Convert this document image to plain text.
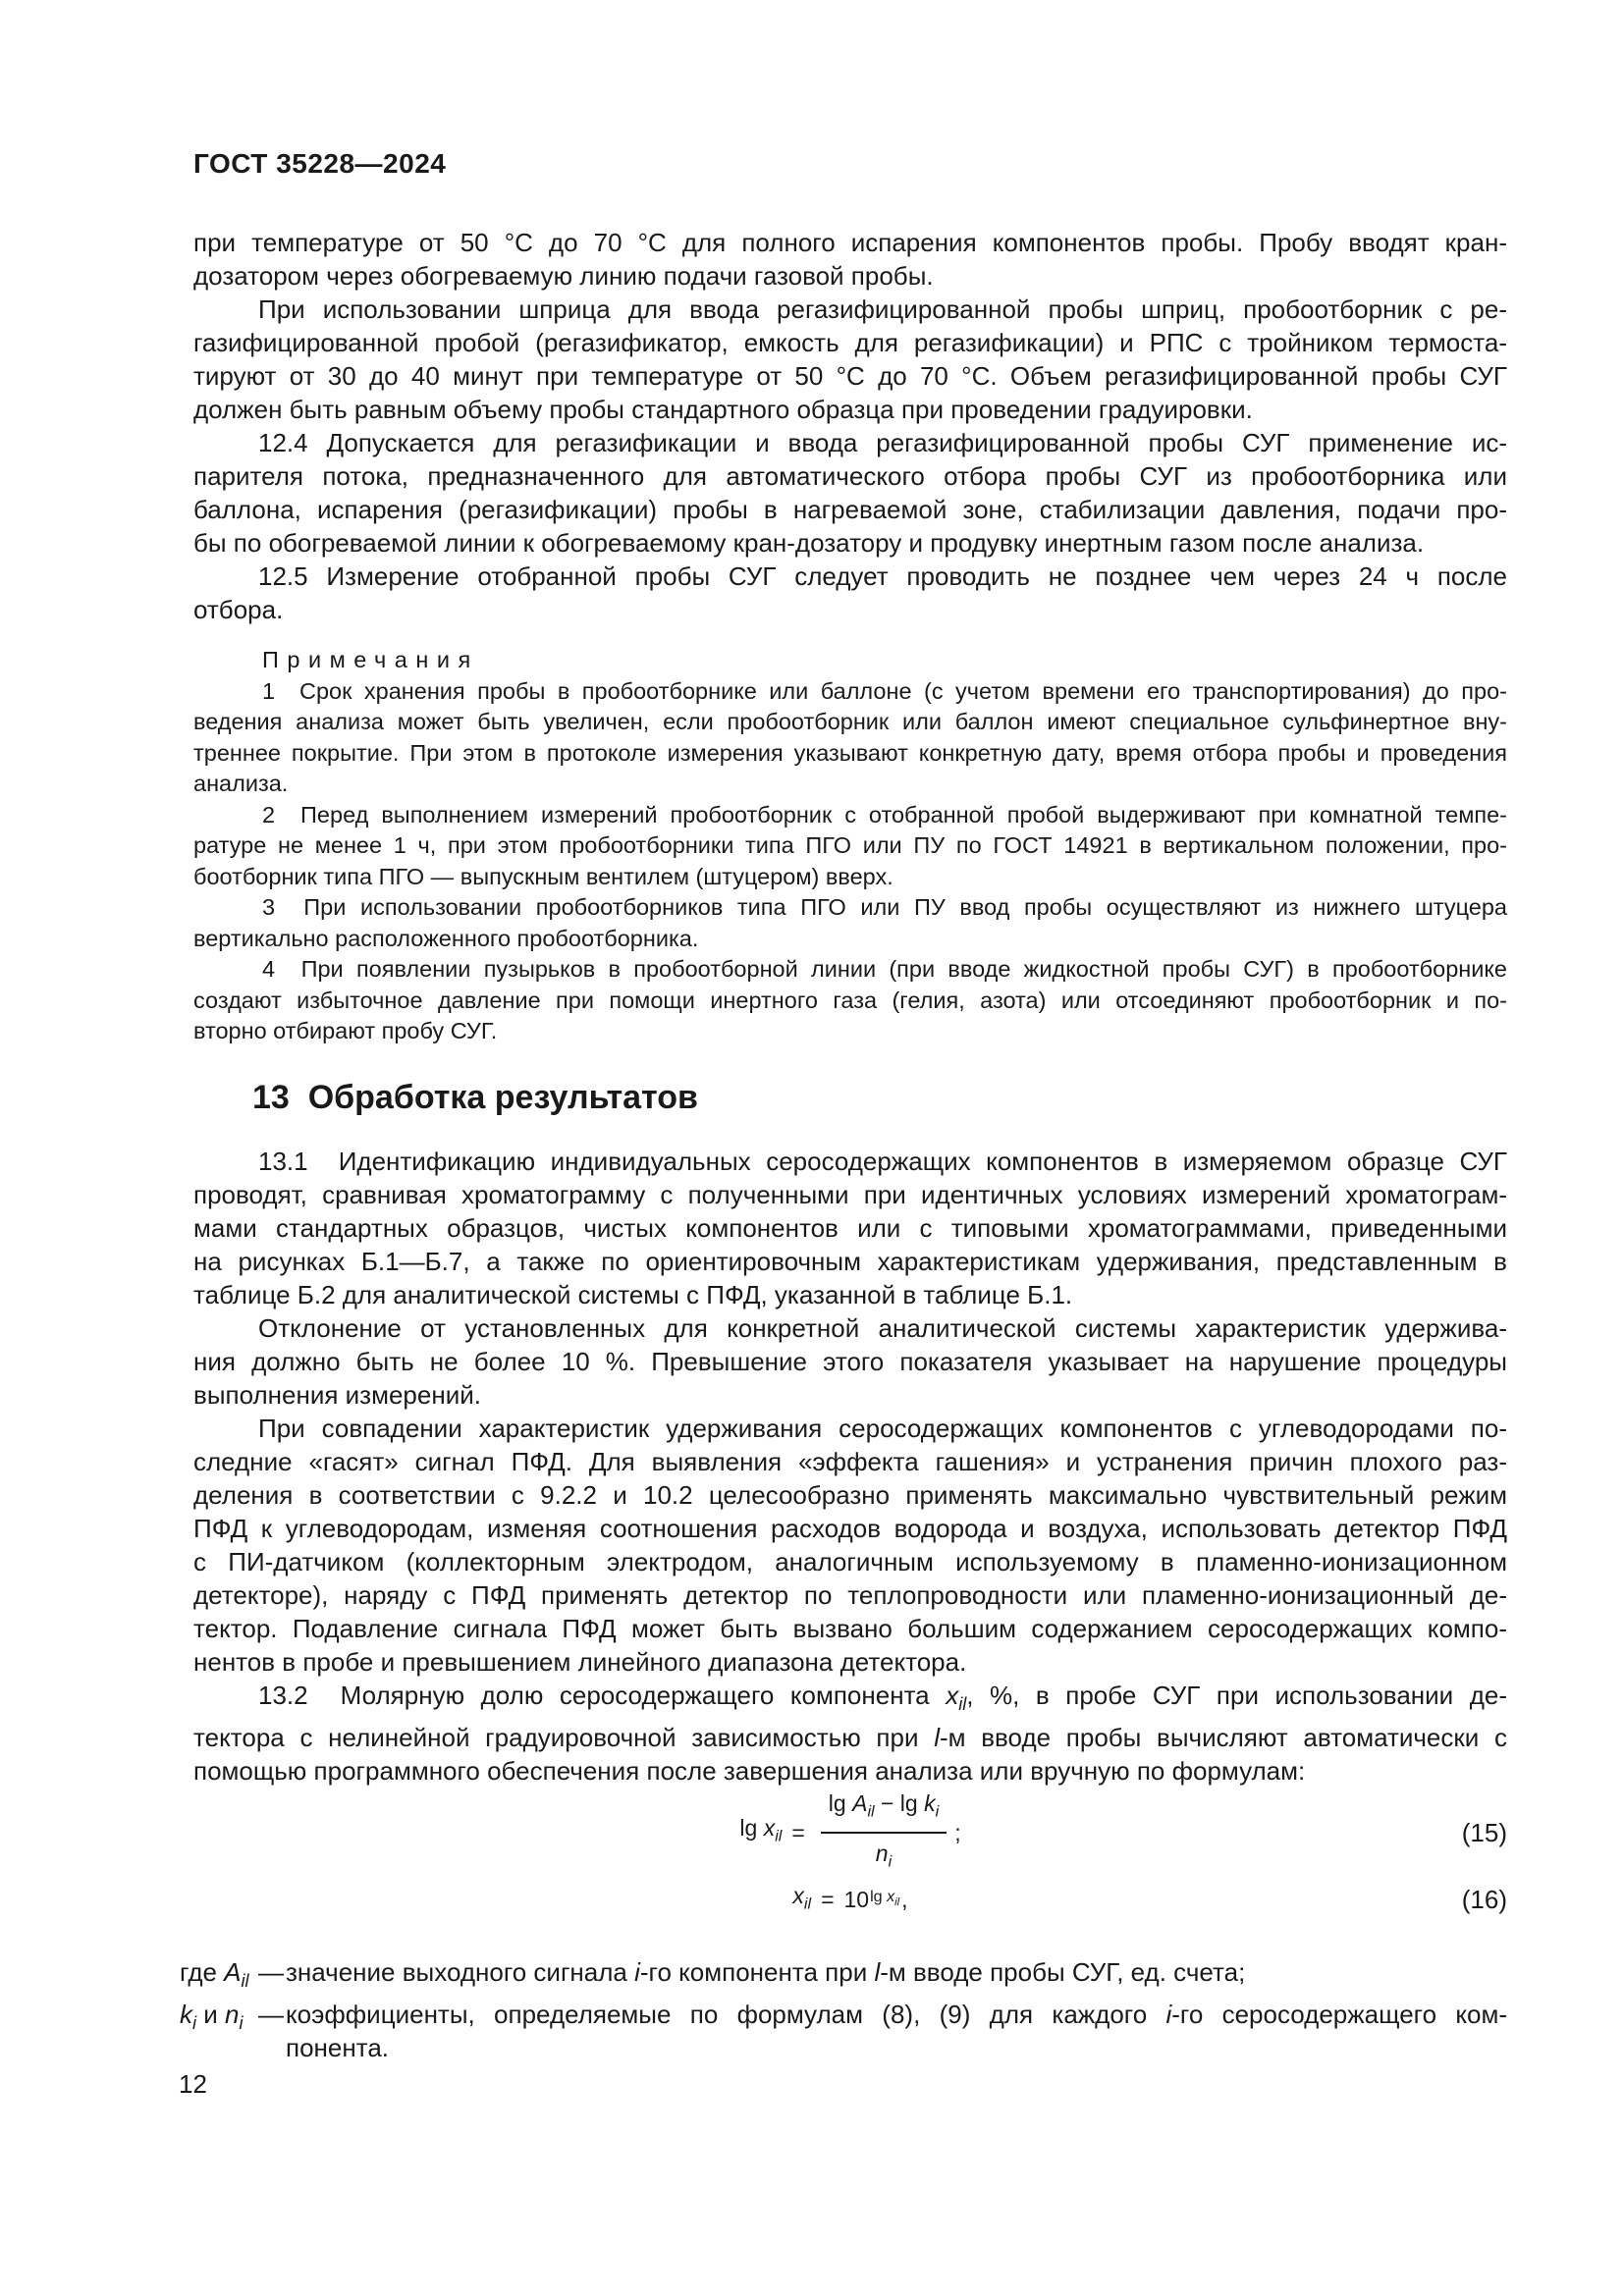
ГОСТ 35228—2024
при температуре от 50 °С до 70 °С для полного испарения компонентов пробы. Пробу вводят кран-
дозатором через обогреваемую линию подачи газовой пробы.
При использовании шприца для ввода регазифицированной пробы шприц, пробоотборник с ре-
газифицированной пробой (регазификатор, емкость для регазификации) и РПС с тройником термоста-
тируют от 30 до 40 минут при температуре от 50 °С до 70 °С. Объем регазифицированной пробы СУГ
должен быть равным объему пробы стандартного образца при проведении градуировки.
12.4 Допускается для регазификации и ввода регазифицированной пробы СУГ применение ис-
парителя потока, предназначенного для автоматического отбора пробы СУГ из пробоотборника или
баллона, испарения (регазификации) пробы в нагреваемой зоне, стабилизации давления, подачи про-
бы по обогреваемой линии к обогреваемому кран-дозатору и продувку инертным газом после анализа.
12.5 Измерение отобранной пробы СУГ следует проводить не позднее чем через 24 ч после
отбора.
Примечания
1  Срок хранения пробы в пробоотборнике или баллоне (с учетом времени его транспортирования) до про-
ведения анализа может быть увеличен, если пробоотборник или баллон имеют специальное сульфинертное вну-
треннее покрытие. При этом в протоколе измерения указывают конкретную дату, время отбора пробы и проведения
анализа.
2  Перед выполнением измерений пробоотборник с отобранной пробой выдерживают при комнатной темпе-
ратуре не менее 1 ч, при этом пробоотборники типа ПГО или ПУ по ГОСТ 14921 в вертикальном положении, про-
боотборник типа ПГО — выпускным вентилем (штуцером) вверх.
3  При использовании пробоотборников типа ПГО или ПУ ввод пробы осуществляют из нижнего штуцера
вертикально расположенного пробоотборника.
4  При появлении пузырьков в пробоотборной линии (при вводе жидкостной пробы СУГ) в пробоотборнике
создают избыточное давление при помощи инертного газа (гелия, азота) или отсоединяют пробоотборник и по-
вторно отбирают пробу СУГ.
13  Обработка результатов
13.1  Идентификацию индивидуальных серосодержащих компонентов в измеряемом образце СУГ
проводят, сравнивая хроматограмму с полученными при идентичных условиях измерений хроматограм-
мами стандартных образцов, чистых компонентов или с типовыми хроматограммами, приведенными
на рисунках Б.1—Б.7, а также по ориентировочным характеристикам удерживания, представленным в
таблице Б.2 для аналитической системы с ПФД, указанной в таблице Б.1.
Отклонение от установленных для конкретной аналитической системы характеристик удержива-
ния должно быть не более 10 %. Превышение этого показателя указывает на нарушение процедуры
выполнения измерений.
При совпадении характеристик удерживания серосодержащих компонентов с углеводородами по-
следние «гасят» сигнал ПФД. Для выявления «эффекта гашения» и устранения причин плохого раз-
деления в соответствии с 9.2.2 и 10.2 целесообразно применять максимально чувствительный режим
ПФД к углеводородам, изменяя соотношения расходов водорода и воздуха, использовать детектор ПФД
с ПИ-датчиком (коллекторным электродом, аналогичным используемому в пламенно-ионизационном
детекторе), наряду с ПФД применять детектор по теплопроводности или пламенно-ионизационный де-
тектор. Подавление сигнала ПФД может быть вызвано большим содержанием серосодержащих компо-
нентов в пробе и превышением линейного диапазона детектора.
13.2  Молярную долю серосодержащего компонента $x_{il}$, %, в пробе СУГ при использовании де-
тектора с нелинейной градуировочной зависимостью при l-м вводе пробы вычисляют автоматически с
помощью программного обеспечения после завершения анализа или вручную по формулам:
$\lg x_{il} = \frac{\lg A_{il} - \lg k_i}{n_i}$ ;	(15)
$x_{il} = 10$ $\lg x_{il}$ ,	(16)
где $A_{il}$ — значение выходного сигнала i-го компонента при l-м вводе пробы СУГ, ед. счета;
$k_i$ и $n_i$ — коэффициенты, определяемые по формулам (8), (9) для каждого i-го серосодержащего ком-
понента.
12
